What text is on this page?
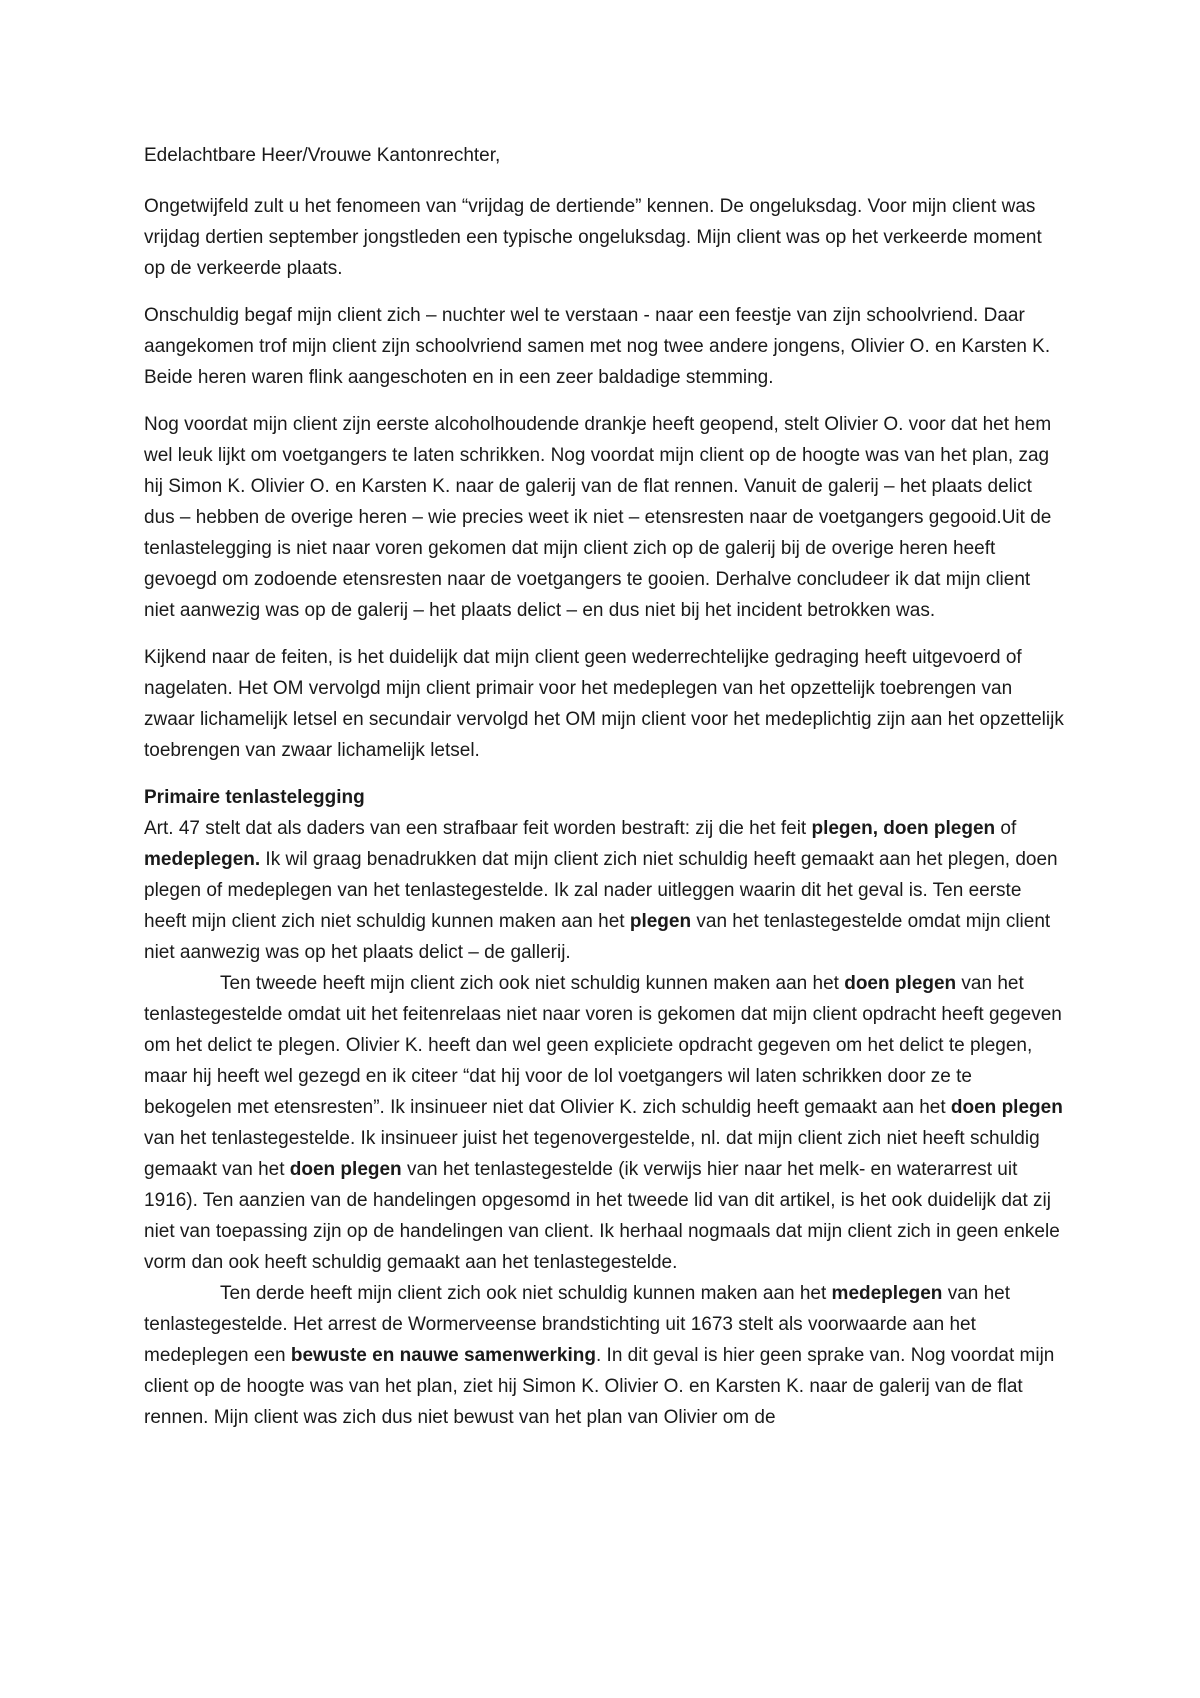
Edelachtbare Heer/Vrouwe Kantonrechter,

Ongetwijfeld zult u het fenomeen van “vrijdag de dertiende” kennen. De ongeluksdag. Voor mijn client was vrijdag dertien september jongstleden een typische ongeluksdag. Mijn client was op het verkeerde moment op de verkeerde plaats.

Onschuldig begaf mijn client zich – nuchter wel te verstaan - naar een feestje van zijn schoolvriend. Daar aangekomen trof mijn client zijn schoolvriend samen met nog twee andere jongens, Olivier O. en Karsten K. Beide heren waren flink aangeschoten en in een zeer baldadige stemming.

Nog voordat mijn client zijn eerste alcoholhoudende drankje heeft geopend, stelt Olivier O. voor dat het hem wel leuk lijkt om voetgangers te laten schrikken. Nog voordat mijn client op de hoogte was van het plan, zag hij Simon K. Olivier O. en Karsten K. naar de galerij van de flat rennen. Vanuit de galerij – het plaats delict dus – hebben de overige heren – wie precies weet ik niet – etensresten naar de voetgangers gegooid.Uit de tenlastelegging is niet naar voren gekomen dat mijn client zich op de galerij bij de overige heren heeft gevoegd om zodoende etensresten naar de voetgangers te gooien. Derhalve concludeer ik dat mijn client niet aanwezig was op de galerij – het plaats delict – en dus niet bij het incident betrokken was.

Kijkend naar de feiten, is het duidelijk dat mijn client geen wederrechtelijke gedraging heeft uitgevoerd of nagelaten. Het OM vervolgd mijn client primair voor het medeplegen van het opzettelijk toebrengen van zwaar lichamelijk letsel en secundair vervolgd het OM mijn client voor het medeplichtig zijn aan het opzettelijk toebrengen van zwaar lichamelijk letsel.

Primaire tenlastelegging

Art. 47 stelt dat als daders van een strafbaar feit worden bestraft: zij die het feit plegen, doen plegen of medeplegen. Ik wil graag benadrukken dat mijn client zich niet schuldig heeft gemaakt aan het plegen, doen plegen of medeplegen van het tenlastegestelde. Ik zal nader uitleggen waarin dit het geval is. Ten eerste heeft mijn client zich niet schuldig kunnen maken aan het plegen van het tenlastegestelde omdat mijn client niet aanwezig was op het plaats delict – de gallerij.

Ten tweede heeft mijn client zich ook niet schuldig kunnen maken aan het doen plegen van het tenlastegestelde omdat uit het feitenrelaas niet naar voren is gekomen dat mijn client opdracht heeft gegeven om het delict te plegen. Olivier K. heeft dan wel geen expliciete opdracht gegeven om het delict te plegen, maar hij heeft wel gezegd en ik citeer “dat hij voor de lol voetgangers wil laten schrikken door ze te bekogelen met etensresten”. Ik insinueer niet dat Olivier K. zich schuldig heeft gemaakt aan het doen plegen van het tenlastegestelde. Ik insinueer juist het tegenovergestelde, nl. dat mijn client zich niet heeft schuldig gemaakt van het doen plegen van het tenlastegestelde (ik verwijs hier naar het melk- en waterarrest uit 1916). Ten aanzien van de handelingen opgesomd in het tweede lid van dit artikel, is het ook duidelijk dat zij niet van toepassing zijn op de handelingen van client. Ik herhaal nogmaals dat mijn client zich in geen enkele vorm dan ook heeft schuldig gemaakt aan het tenlastegestelde.

Ten derde heeft mijn client zich ook niet schuldig kunnen maken aan het medeplegen van het tenlastegestelde. Het arrest de Wormerveense brandstichting uit 1673 stelt als voorwaarde aan het medeplegen een bewuste en nauwe samenwerking. In dit geval is hier geen sprake van. Nog voordat mijn client op de hoogte was van het plan, ziet hij Simon K. Olivier O. en Karsten K. naar de galerij van de flat rennen. Mijn client was zich dus niet bewust van het plan van Olivier om de
